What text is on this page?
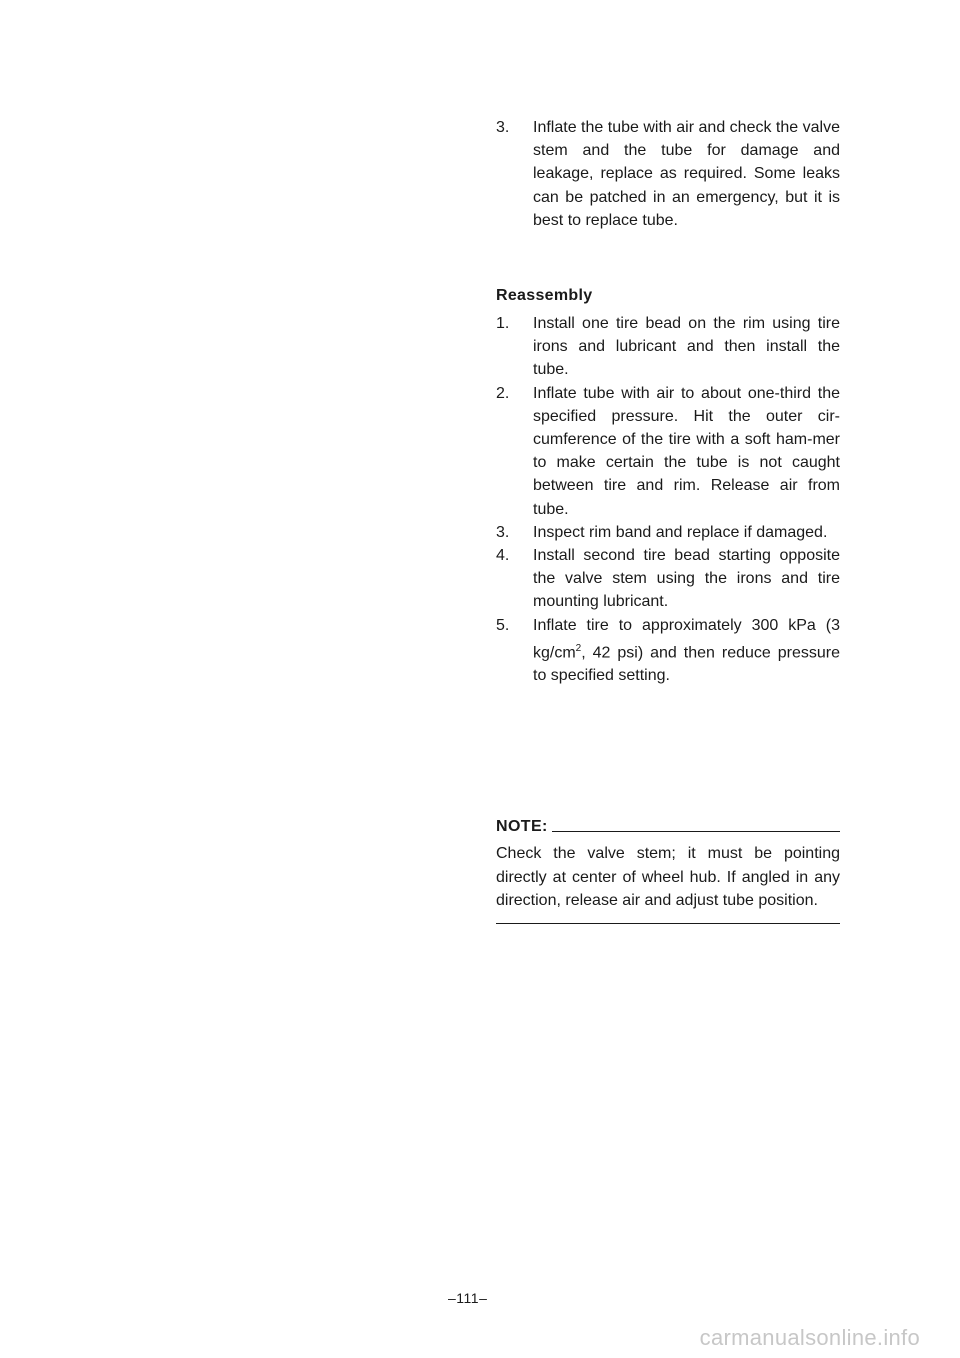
3.	Inflate the tube with air and check the valve stem and the tube for damage and leakage, replace as required. Some leaks can be patched in an emergency, but it is best to replace tube.
Reassembly
1.	Install one tire bead on the rim using tire irons and lubricant and then install the tube.
2.	Inflate tube with air to about one-third the specified pressure. Hit the outer cir-cumference of the tire with a soft ham-mer to make certain the tube is not caught between tire and rim. Release air from tube.
3.	Inspect rim band and replace if damaged.
4.	Install second tire bead starting opposite the valve stem using the irons and tire mounting lubricant.
5.	Inflate tire to approximately 300 kPa (3 $kg/cm^2$, 42 psi) and then reduce pressure to specified setting.
NOTE:
Check the valve stem; it must be pointing directly at center of wheel hub. If angled in any direction, release air and adjust tube position.
–111–
carmanualsonline.info
